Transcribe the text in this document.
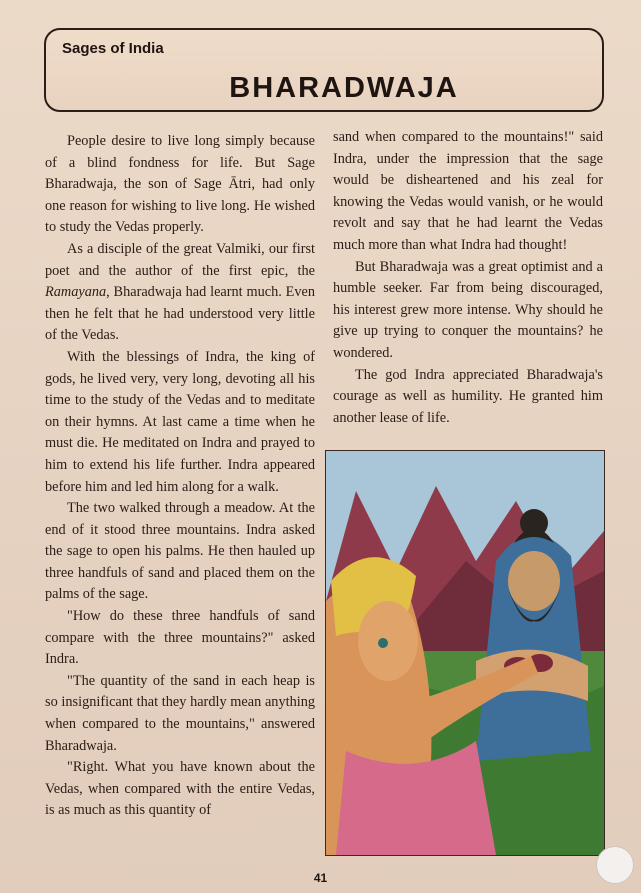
Sages of India
BHARADWAJA

People desire to live long simply because of a blind fondness for life. But Sage Bharadwaja, the son of Sage Ātri, had only one reason for wishing to live long. He wished to study the Vedas properly.

As a disciple of the great Valmiki, our first poet and the author of the first epic, the Ramayana, Bharadwaja had learnt much. Even then he felt that he had understood very little of the Vedas.

With the blessings of Indra, the king of gods, he lived very, very long, devoting all his time to the study of the Vedas and to meditate on their hymns. At last came a time when he must die. He meditated on Indra and prayed to him to extend his life further. Indra appeared before him and led him along for a walk.

The two walked through a meadow. At the end of it stood three mountains. Indra asked the sage to open his palms. He then hauled up three handfuls of sand and placed them on the palms of the sage.

"How do these three handfuls of sand compare with the three mountains?" asked Indra.

"The quantity of the sand in each heap is so insignificant that they hardly mean anything when compared to the mountains," answered Bharadwaja.

"Right. What you have known about the Vedas, when compared with the entire Vedas, is as much as this quantity of

sand when compared to the mountains!" said Indra, under the impression that the sage would be disheartened and his zeal for knowing the Vedas would vanish, or he would revolt and say that he had learnt the Vedas much more than what Indra had thought!

But Bharadwaja was a great optimist and a humble seeker. Far from being discouraged, his interest grew more intense. Why should he give up trying to conquer the mountains? he wondered.

The god Indra appreciated Bharadwaja's courage as well as humility. He granted him another lease of life.

41
